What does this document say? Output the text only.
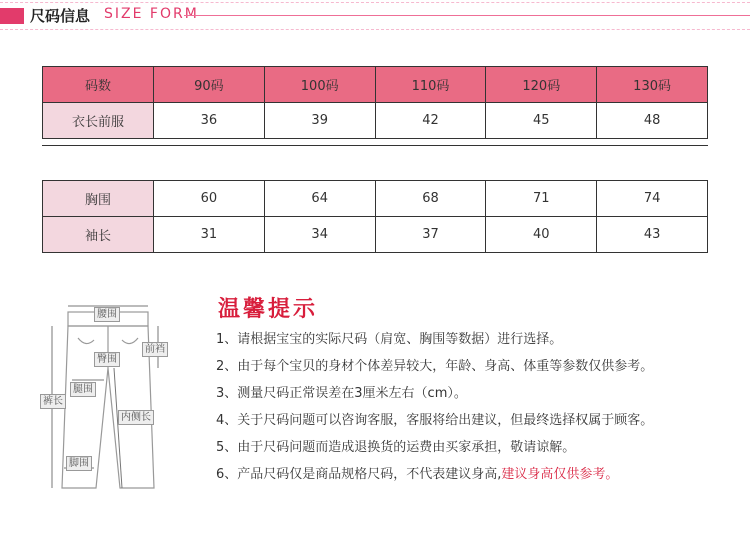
尺码信息 SIZE FORM
码数	90码	100码	110码	120码	130码
衣长前服	36	39	42	45	48
胸围	60	64	68	71	74
袖长	31	34	37	40	43
腰围
前裆
臀围
裤长
腿围
内侧长
脚围
温馨提示
1、请根据宝宝的实际尺码（肩宽、胸围等数据）进行选择。
2、由于每个宝贝的身材个体差异较大，年龄、身高、体重等参数仅供参考。
3、测量尺码正常误差在3厘米左右（cm）。
4、关于尺码问题可以咨询客服，客服将给出建议，但最终选择权属于顾客。
5、由于尺码问题而造成退换货的运费由买家承担，敬请谅解。
6、产品尺码仅是商品规格尺码，不代表建议身高,建议身高仅供参考。
